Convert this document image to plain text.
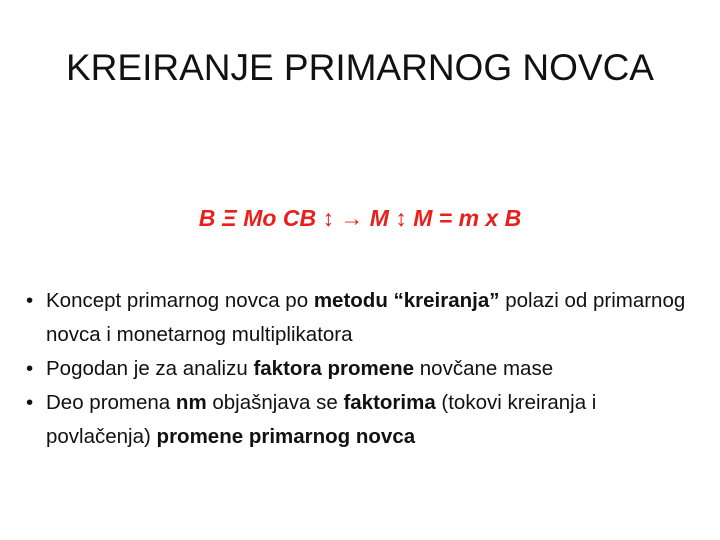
KREIRANJE PRIMARNOG NOVCA
B Ξ Mo CB ↕ → M ↕ M = m x B
• Koncept primarnog novca po metodu “kreiranja” polazi od primarnog novca i monetarnog multiplikatora
• Pogodan je za analizu faktora promene novčane mase
• Deo promena nm objašnjava se faktorima (tokovi kreiranja i povlačenja) promene primarnog novca
